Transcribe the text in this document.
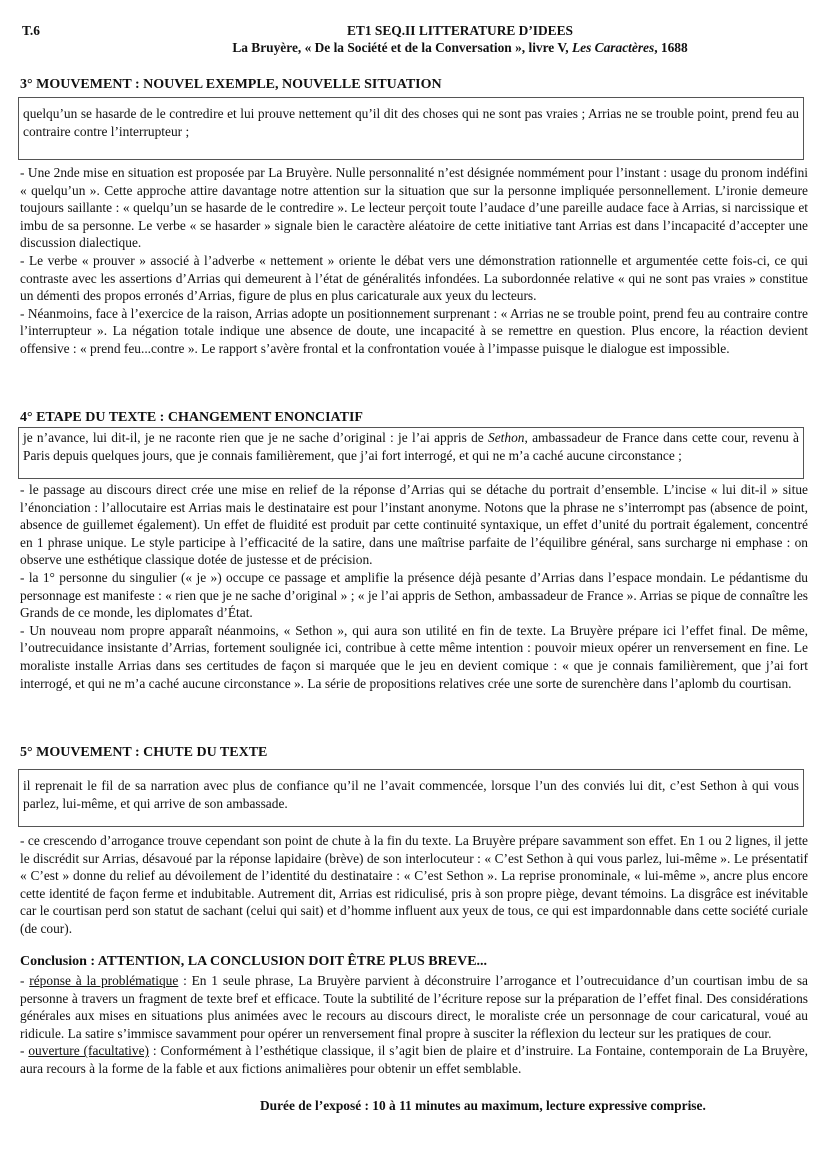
T.6	ET1 SEQ.II LITTERATURE D’IDEES
La Bruyère, « De la Société et de la Conversation », livre V, Les Caractères, 1688
3° MOUVEMENT : NOUVEL EXEMPLE, NOUVELLE SITUATION
quelqu’un se hasarde de le contredire et lui prouve nettement qu’il dit des choses qui ne sont pas vraies ; Arrias ne se trouble point, prend feu au contraire contre l’interrupteur ;

- Une 2nde mise en situation est proposée par La Bruyère. Nulle personnalité n’est désignée nommément pour l’instant : usage du pronom indéfini « quelqu’un ». Cette approche attire davantage notre attention sur la situation que sur la personne impliquée personnellement. L’ironie demeure toujours saillante : « quelqu’un se hasarde de le contredire ». Le lecteur perçoit toute l’audace d’une pareille audace face à Arrias, si narcissique et imbu de sa personne. Le verbe « se hasarder » signale bien le caractère aléatoire de cette initiative tant Arrias est dans l’incapacité d’accepter une discussion dialectique.

- Le verbe « prouver » associé à l’adverbe « nettement » oriente le débat vers une démonstration rationnelle et argumentée cette fois-ci, ce qui contraste avec les assertions d’Arrias qui demeurent à l’état de généralités infondées. La subordonnée relative « qui ne sont pas vraies » constitue un démenti des propos erronés d’Arrias, figure de plus en plus caricaturale aux yeux du lecteurs.

- Néanmoins, face à l’exercice de la raison, Arrias adopte un positionnement surprenant : « Arrias ne se trouble point, prend feu au contraire contre l’interrupteur ». La négation totale indique une absence de doute, une incapacité à se remettre en question. Plus encore, la réaction devient offensive : « prend feu...contre ». Le rapport s’avère frontal et la confrontation vouée à l’impasse puisque le dialogue est impossible.

4° ETAPE DU TEXTE : CHANGEMENT ENONCIATIF
je n’avance, lui dit-il, je ne raconte rien que je ne sache d’original : je l’ai appris de Sethon, ambassadeur de France dans cette cour, revenu à Paris depuis quelques jours, que je connais familièrement, que j’ai fort interrogé, et qui ne m’a caché aucune circonstance ;

- le passage au discours direct crée une mise en relief de la réponse d’Arrias qui se détache du portrait d’ensemble. L’incise « lui dit-il » situe l’énonciation : l’allocutaire est Arrias mais le destinataire est pour l’instant anonyme. Notons que la phrase ne s’interrompt pas (absence de point, absence de guillemet également). Un effet de fluidité est produit par cette continuité syntaxique, un effet d’unité du portrait également, concentré en 1 phrase unique. Le style participe à l’efficacité de la satire, dans une maîtrise parfaite de l’équilibre général, sans surcharge ni emphase : on observe une esthétique classique dotée de justesse et de précision.

- la 1° personne du singulier (« je ») occupe ce passage et amplifie la présence déjà pesante d’Arrias dans l’espace mondain. Le pédantisme du personnage est manifeste : « rien que je ne sache d’original » ; « je l’ai appris de Sethon, ambassadeur de France ». Arrias se pique de connaître les Grands de ce monde, les diplomates d’État.

- Un nouveau nom propre apparaît néanmoins, « Sethon », qui aura son utilité en fin de texte. La Bruyère prépare ici l’effet final. De même, l’outrecuidance insistante d’Arrias, fortement soulignée ici, contribue à cette même intention : pouvoir mieux opérer un renversement en fine. Le moraliste installe Arrias dans ses certitudes de façon si marquée que le jeu en devient comique : « que je connais familièrement, que j’ai fort interrogé, et qui ne m’a caché aucune circonstance ». La série de propositions relatives crée une sorte de surenchère dans l’aplomb du courtisan.

5° MOUVEMENT : CHUTE DU TEXTE
il reprenait le fil de sa narration avec plus de confiance qu’il ne l’avait commencée, lorsque l’un des conviés lui dit, c’est Sethon à qui vous parlez, lui-même, et qui arrive de son ambassade.

- ce crescendo d’arrogance trouve cependant son point de chute à la fin du texte. La Bruyère prépare savamment son effet. En 1 ou 2 lignes, il jette le discrédit sur Arrias, désavoué par la réponse lapidaire (brève) de son interlocuteur : « C’est Sethon à qui vous parlez, lui-même ». Le présentatif « C’est » donne du relief au dévoilement de l’identité du destinataire : « C’est Sethon ». La reprise pronominale, « lui-même », ancre plus encore cette identité de façon ferme et indubitable. Autrement dit, Arrias est ridiculisé, pris à son propre piège, devant témoins. La disgrâce est inévitable car le courtisan perd son statut de sachant (celui qui sait) et d’homme influent aux yeux de tous, ce qui est impardonnable dans cette société curiale (de cour).

Conclusion : ATTENTION, LA CONCLUSION DOIT ÊTRE PLUS BREVE...

- réponse à la problématique : En 1 seule phrase, La Bruyère parvient à déconstruire l’arrogance et l’outrecuidance d’un courtisan imbu de sa personne à travers un fragment de texte bref et efficace. Toute la subtilité de l’écriture repose sur la préparation de l’effet final. Des considérations générales aux mises en situations plus animées avec le recours au discours direct, le moraliste crée un personnage de cour caricatural, voué au ridicule. La satire s’immisce savamment pour opérer un renversement final propre à susciter la réflexion du lecteur sur les pratiques de cour.

- ouverture (facultative) : Conformément à l’esthétique classique, il s’agit bien de plaire et d’instruire. La Fontaine, contemporain de La Bruyère, aura recours à la forme de la fable et aux fictions animalières pour obtenir un effet semblable.

Durée de l’exposé : 10 à 11 minutes au maximum, lecture expressive comprise.
